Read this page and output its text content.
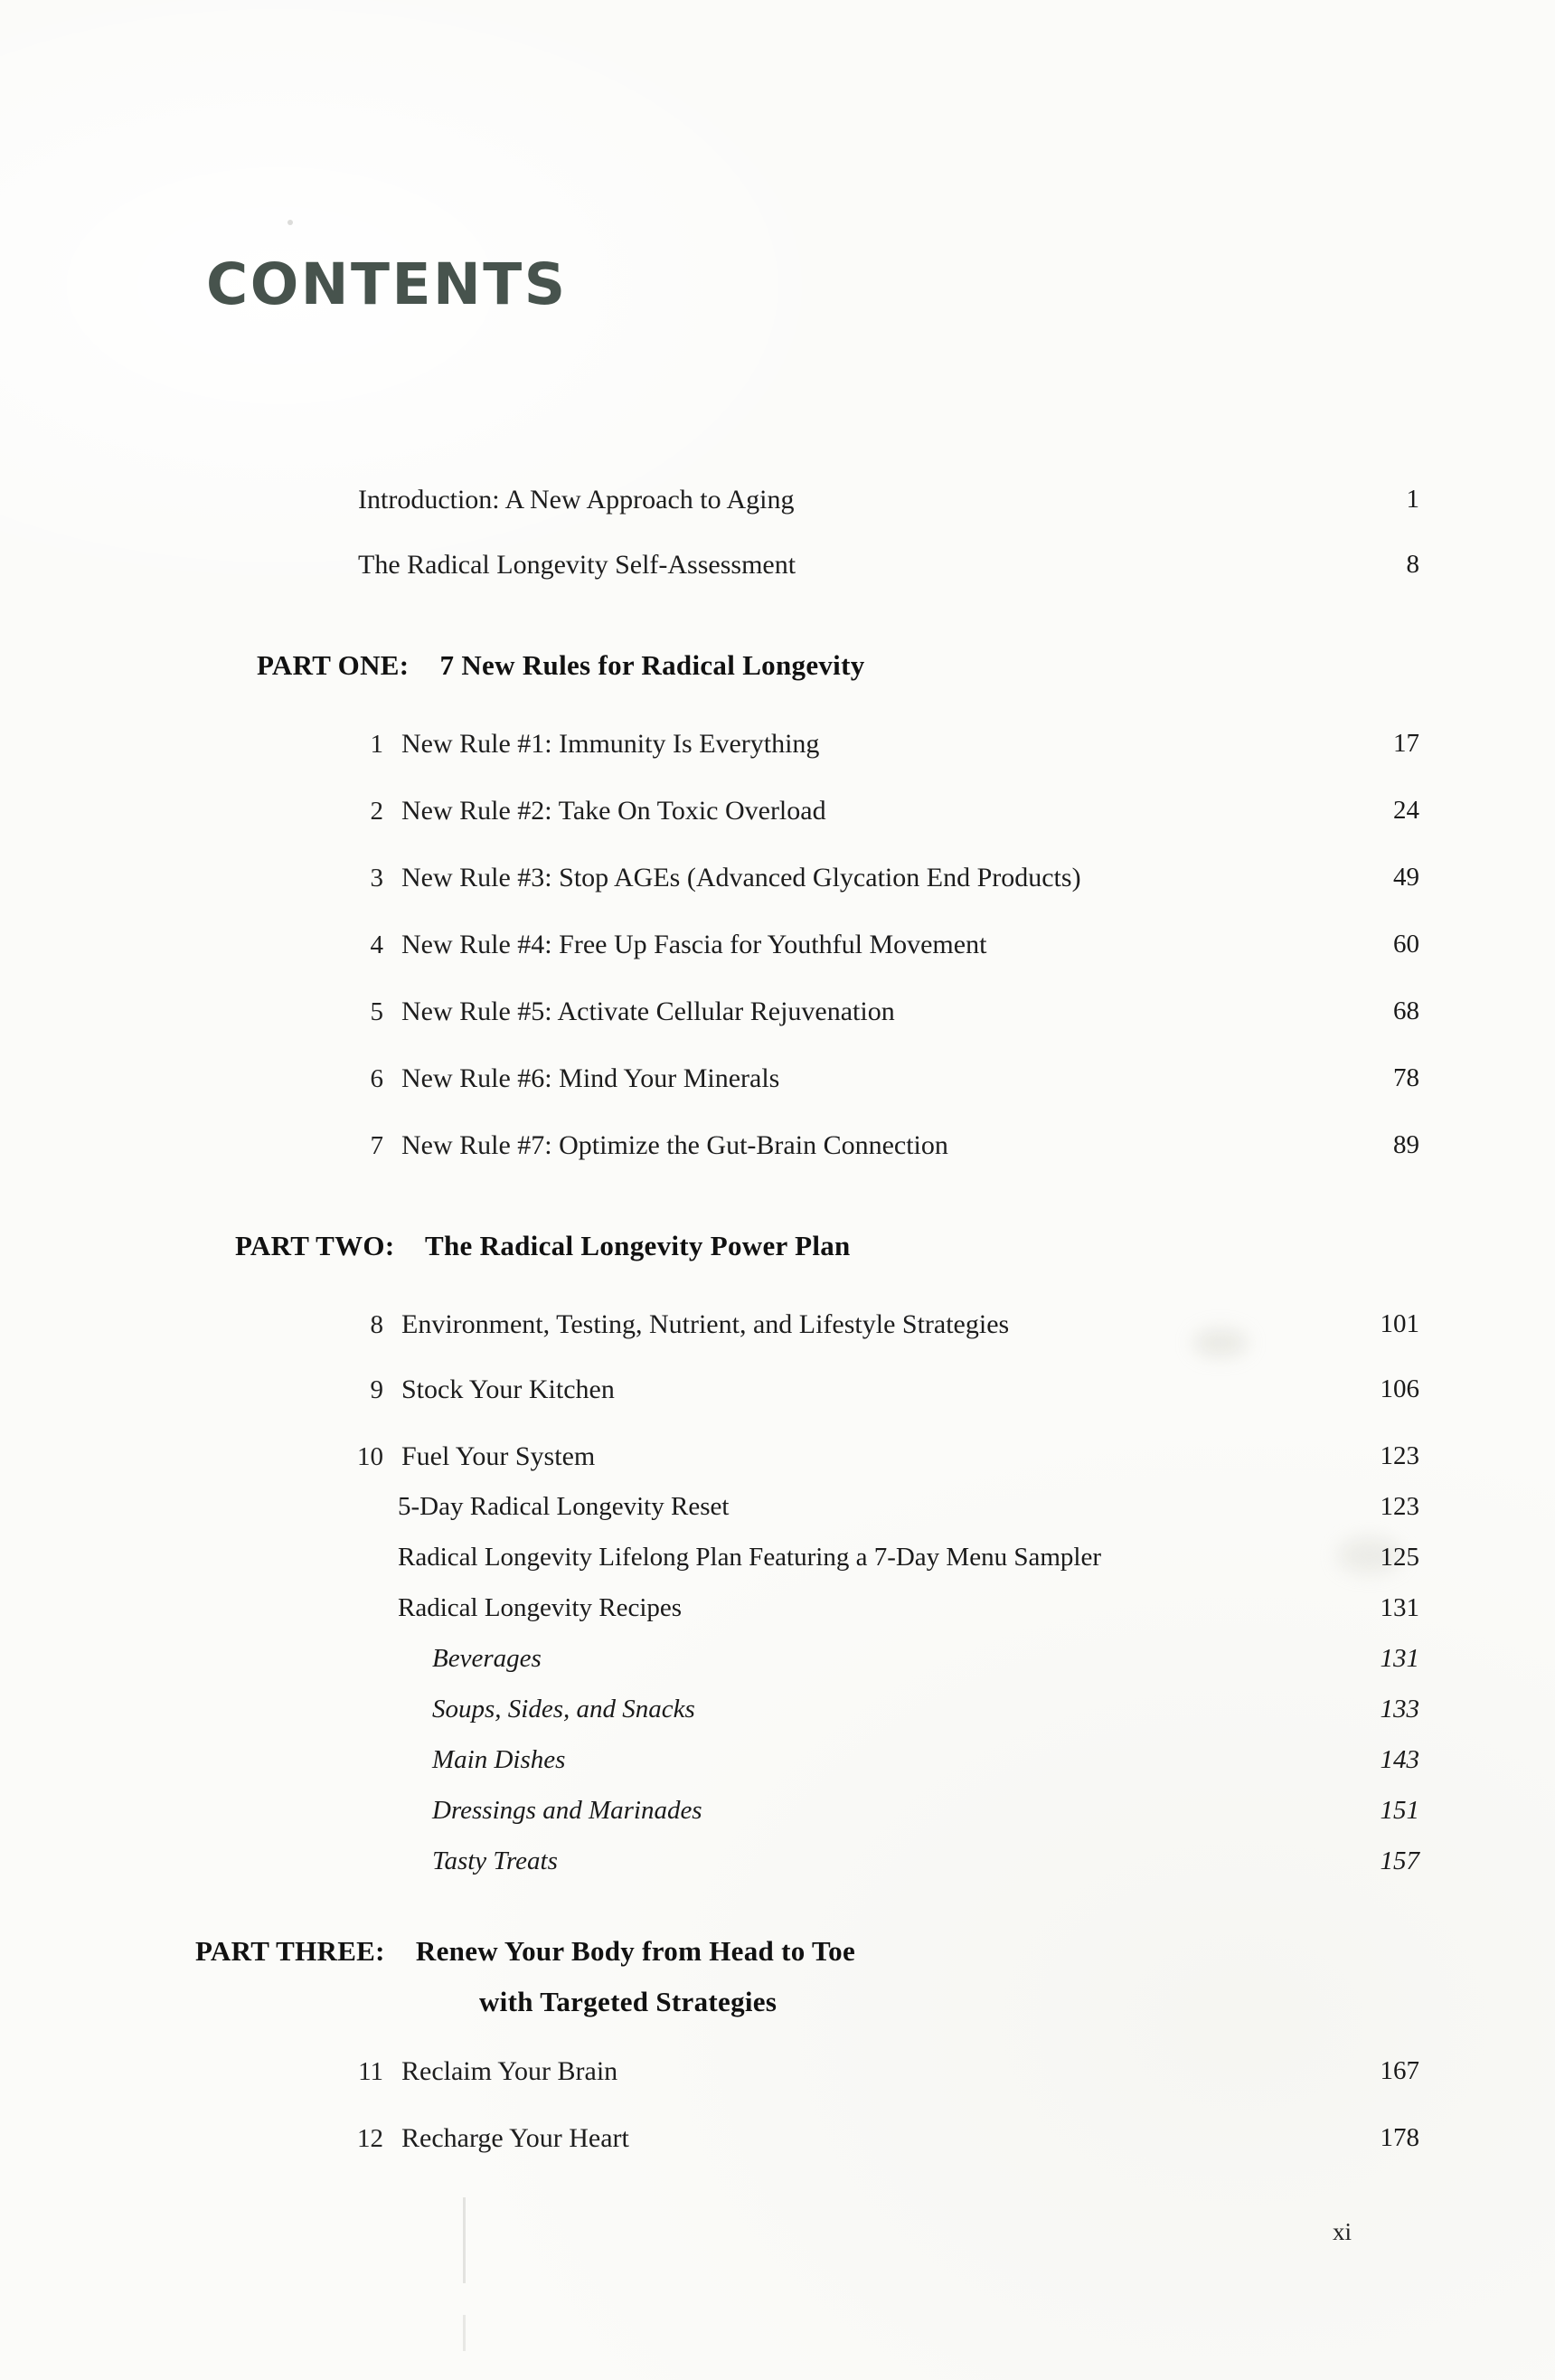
CONTENTS
Introduction: A New Approach to Aging	1
The Radical Longevity Self-Assessment	8
PART ONE: 7 New Rules for Radical Longevity
1 New Rule #1: Immunity Is Everything	17
2 New Rule #2: Take On Toxic Overload	24
3 New Rule #3: Stop AGEs (Advanced Glycation End Products)	49
4 New Rule #4: Free Up Fascia for Youthful Movement	60
5 New Rule #5: Activate Cellular Rejuvenation	68
6 New Rule #6: Mind Your Minerals	78
7 New Rule #7: Optimize the Gut-Brain Connection	89
PART TWO: The Radical Longevity Power Plan
8 Environment, Testing, Nutrient, and Lifestyle Strategies	101
9 Stock Your Kitchen	106
10 Fuel Your System	123
5-Day Radical Longevity Reset	123
Radical Longevity Lifelong Plan Featuring a 7-Day Menu Sampler	125
Radical Longevity Recipes	131
Beverages	131
Soups, Sides, and Snacks	133
Main Dishes	143
Dressings and Marinades	151
Tasty Treats	157
PART THREE: Renew Your Body from Head to Toe
with Targeted Strategies
11 Reclaim Your Brain	167
12 Recharge Your Heart	178
xi
